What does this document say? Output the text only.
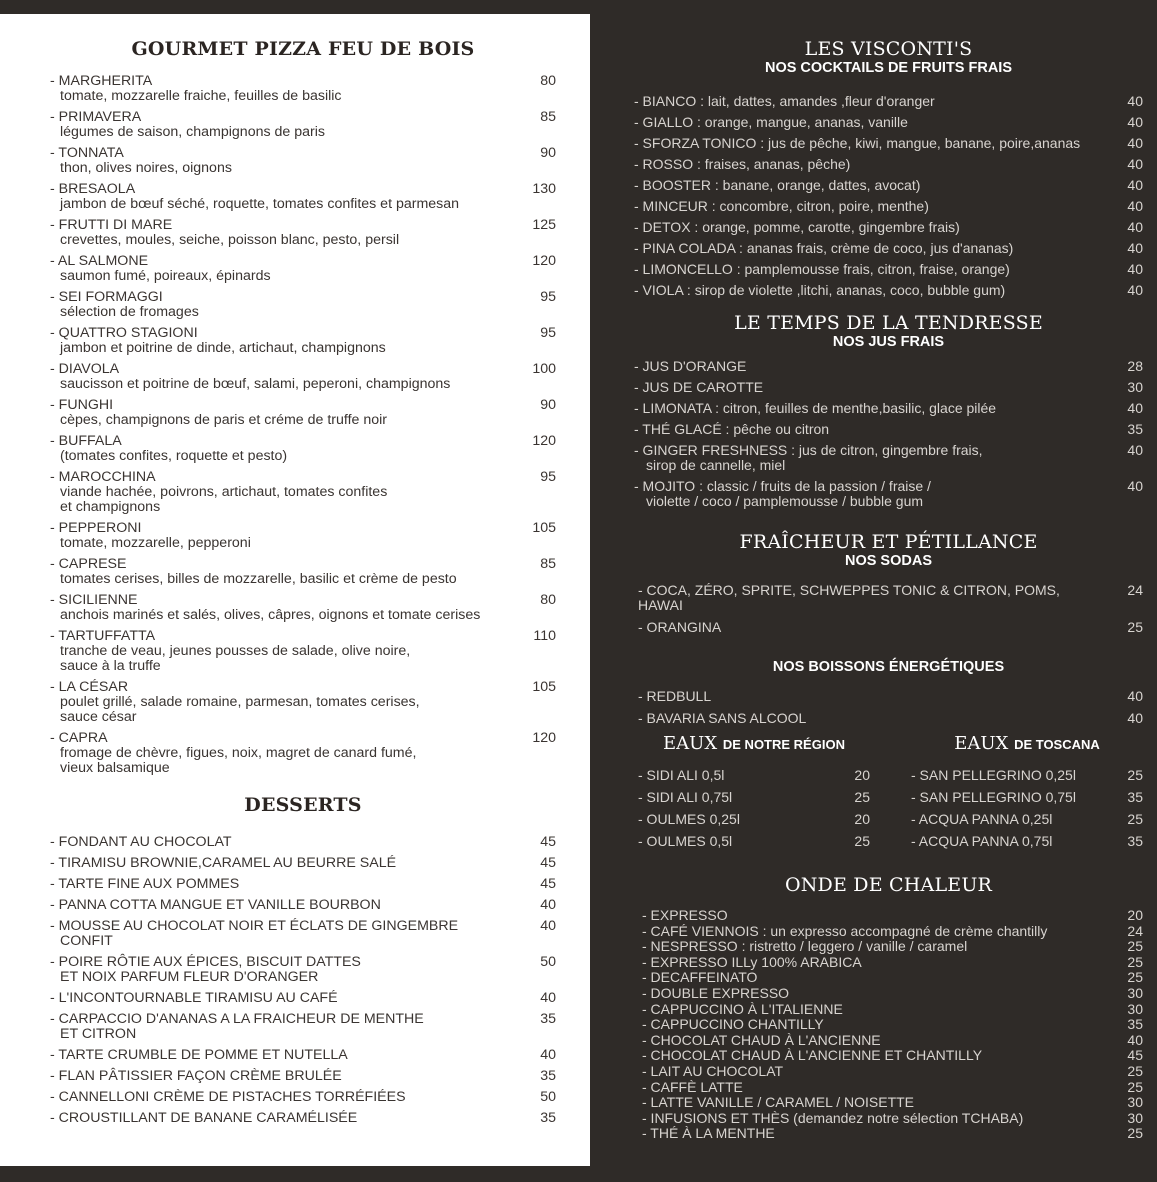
GOURMET PIZZA FEU DE BOIS
- MARGHERITA
tomate, mozzarelle fraiche, feuilles de basilic
80
- PRIMAVERA
légumes de saison, champignons de paris
85
- TONNATA
thon, olives noires, oignons
90
- BRESAOLA
jambon de bœuf séché, roquette, tomates confites et parmesan
130
- FRUTTI DI MARE
crevettes, moules, seiche, poisson blanc, pesto, persil
125
- AL SALMONE
saumon fumé, poireaux, épinards
120
- SEI FORMAGGI
sélection de fromages
95
- QUATTRO STAGIONI
jambon et poitrine de dinde, artichaut, champignons
95
- DIAVOLA
saucisson et poitrine de bœuf, salami, peperoni, champignons
100
- FUNGHI
cèpes, champignons de paris et créme de truffe noir
90
- BUFFALA
(tomates confites, roquette et pesto)
120
- MAROCCHINA
viande hachée, poivrons, artichaut, tomates confites
et champignons
95
- PEPPERONI
tomate, mozzarelle, pepperoni
105
- CAPRESE
tomates cerises, billes de mozzarelle, basilic et crème de pesto
85
- SICILIENNE
anchois marinés et salés, olives, câpres, oignons et tomate cerises
80
- TARTUFFATTA
tranche de veau, jeunes pousses de salade, olive noire,
sauce à la truffe
110
- LA CÉSAR
poulet grillé, salade romaine, parmesan, tomates cerises,
sauce césar
105
- CAPRA
fromage de chèvre, figues, noix, magret de canard fumé,
vieux balsamique
120
DESSERTS
- FONDANT AU CHOCOLAT	45
- TIRAMISU BROWNIE,CARAMEL AU BEURRE SALÉ	45
- TARTE FINE AUX POMMES	45
- PANNA COTTA MANGUE ET VANILLE BOURBON	40
- MOUSSE AU CHOCOLAT NOIR ET ÉCLATS DE GINGEMBRE
CONFIT
40
- POIRE RÔTIE AUX ÉPICES, BISCUIT DATTES
ET NOIX PARFUM FLEUR D'ORANGER
50
- L'INCONTOURNABLE TIRAMISU AU CAFÉ	40
- CARPACCIO D'ANANAS A LA FRAICHEUR DE MENTHE
ET CITRON
35
- TARTE CRUMBLE DE POMME ET NUTELLA	40
- FLAN PÂTISSIER FAÇON CRÈME BRULÉE	35
- CANNELLONI CRÈME DE PISTACHES TORRÉFIÉES	50
- CROUSTILLANT DE BANANE CARAMÉLISÉE	35
LES VISCONTI'S
NOS COCKTAILS DE FRUITS FRAIS
- BIANCO : lait, dattes, amandes ,fleur d'oranger	40
- GIALLO : orange, mangue, ananas, vanille	40
- SFORZA TONICO : jus de pêche, kiwi, mangue, banane, poire,ananas	40
- ROSSO : fraises, ananas, pêche)	40
- BOOSTER : banane, orange, dattes, avocat)	40
- MINCEUR : concombre, citron, poire, menthe)	40
- DETOX : orange, pomme, carotte, gingembre frais)	40
- PINA COLADA : ananas frais, crème de coco, jus d'ananas)	40
- LIMONCELLO : pamplemousse frais, citron, fraise, orange)	40
- VIOLA : sirop de violette ,litchi, ananas, coco, bubble gum)	40
LE TEMPS DE LA TENDRESSE
NOS JUS FRAIS
- JUS D'ORANGE	28
- JUS DE CAROTTE	30
- LIMONATA : citron, feuilles de menthe,basilic, glace pilée	40
- THÉ GLACÉ : pêche ou citron	35
- GINGER FRESHNESS : jus de citron, gingembre frais,
sirop de cannelle, miel
40
- MOJITO : classic / fruits de la passion / fraise /
violette / coco / pamplemousse / bubble gum
40
FRAÎCHEUR ET PÉTILLANCE
NOS SODAS
- COCA, ZÉRO, SPRITE, SCHWEPPES TONIC & CITRON, POMS, HAWAI
24
- ORANGINA	25
NOS BOISSONS ÉNERGÉTIQUES
- REDBULL	40
- BAVARIA SANS ALCOOL	40
EAUX DE NOTRE RÉGION
- SIDI ALI 0,5l	20
- SIDI ALI 0,75l	25
- OULMES 0,25l	20
- OULMES 0,5l	25
EAUX DE TOSCANA
- SAN PELLEGRINO 0,25l	25
- SAN PELLEGRINO 0,75l	35
- ACQUA PANNA 0,25l	25
- ACQUA PANNA 0,75l	35
ONDE DE CHALEUR
- EXPRESSO	20
- CAFÉ VIENNOIS : un expresso accompagné de crème chantilly	24
- NESPRESSO : ristretto / leggero / vanille / caramel	25
- EXPRESSO ILLy 100% ARABICA	25
- DECAFFEINATO	25
- DOUBLE EXPRESSO	30
- CAPPUCCINO À L'ITALIENNE	30
- CAPPUCCINO CHANTILLY	35
- CHOCOLAT CHAUD À L'ANCIENNE	40
- CHOCOLAT CHAUD À L'ANCIENNE ET CHANTILLY	45
- LAIT AU CHOCOLAT	25
- CAFFÈ LATTE	25
- LATTE VANILLE / CARAMEL / NOISETTE	30
- INFUSIONS ET THÈS (demandez notre sélection TCHABA)	30
- THÉ À LA MENTHE	25
